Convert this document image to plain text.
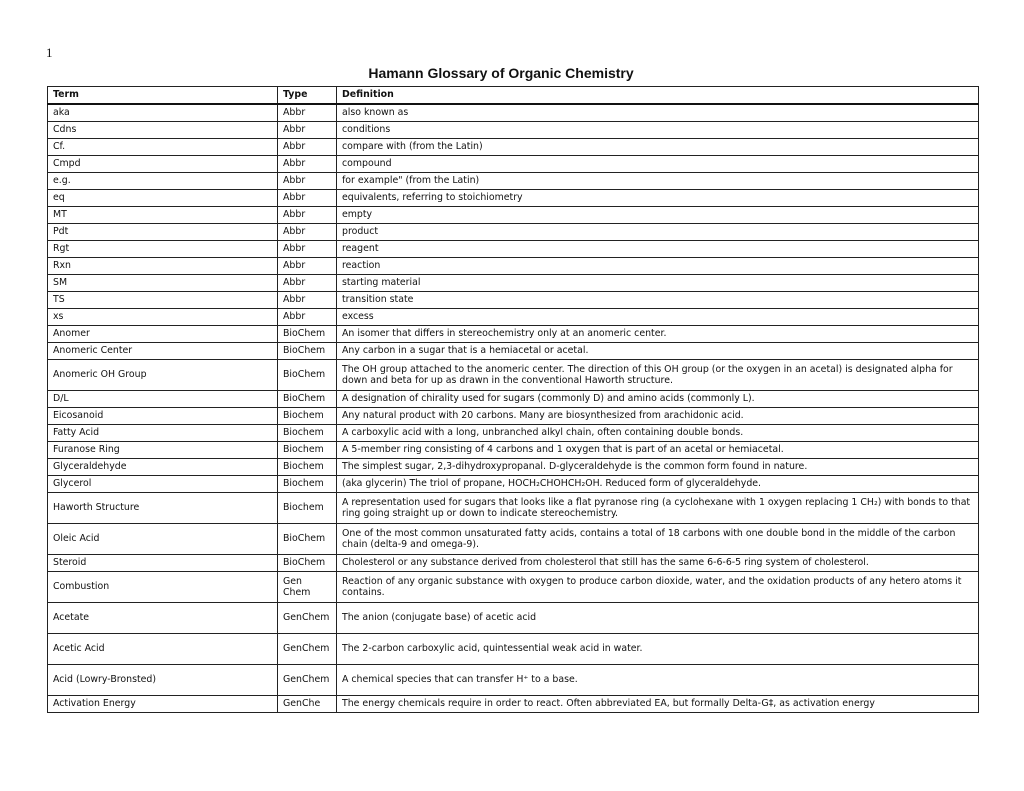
1
Hamann Glossary of Organic Chemistry
Term	Type	Definition
aka	Abbr	also known as
Cdns	Abbr	conditions
Cf.	Abbr	compare with (from the Latin)
Cmpd	Abbr	compound
e.g.	Abbr	for example" (from the Latin)
eq	Abbr	equivalents, referring to stoichiometry
MT	Abbr	empty
Pdt	Abbr	product
Rgt	Abbr	reagent
Rxn	Abbr	reaction
SM	Abbr	starting material
TS	Abbr	transition state
xs	Abbr	excess
Anomer	BioChem	An isomer that differs in stereochemistry only at an anomeric center.
Anomeric Center	BioChem	Any carbon in a sugar that is a hemiacetal or acetal.
Anomeric OH Group	BioChem	The OH group attached to the anomeric center. The direction of this OH group (or the oxygen in an acetal) is designated alpha for down and beta for up as drawn in the conventional Haworth structure.
D/L	BioChem	A designation of chirality used for sugars (commonly D) and amino acids (commonly L).
Eicosanoid	Biochem	Any natural product with 20 carbons. Many are biosynthesized from arachidonic acid.
Fatty Acid	Biochem	A carboxylic acid with a long, unbranched alkyl chain, often containing double bonds.
Furanose Ring	Biochem	A 5-member ring consisting of 4 carbons and 1 oxygen that is part of an acetal or hemiacetal.
Glyceraldehyde	Biochem	The simplest sugar, 2,3-dihydroxypropanal. D-glyceraldehyde is the common form found in nature.
Glycerol	Biochem	(aka glycerin) The triol of propane, HOCH₂CHOHCH₂OH. Reduced form of glyceraldehyde.
Haworth Structure	Biochem	A representation used for sugars that looks like a flat pyranose ring (a cyclohexane with 1 oxygen replacing 1 CH₂) with bonds to that ring going straight up or down to indicate stereochemistry.
Oleic Acid	BioChem	One of the most common unsaturated fatty acids, contains a total of 18 carbons with one double bond in the middle of the carbon chain (delta-9 and omega-9).
Steroid	BioChem	Cholesterol or any substance derived from cholesterol that still has the same 6-6-6-5 ring system of cholesterol.
Combustion	Gen Chem	Reaction of any organic substance with oxygen to produce carbon dioxide, water, and the oxidation products of any hetero atoms it contains.
Acetate	GenChem	The anion (conjugate base) of acetic acid
Acetic Acid	GenChem	The 2-carbon carboxylic acid, quintessential weak acid in water.
Acid (Lowry-Bronsted)	GenChem	A chemical species that can transfer H⁺ to a base.
Activation Energy	GenChe	The energy chemicals require in order to react. Often abbreviated EA, but formally Delta-G‡, as activation energy
